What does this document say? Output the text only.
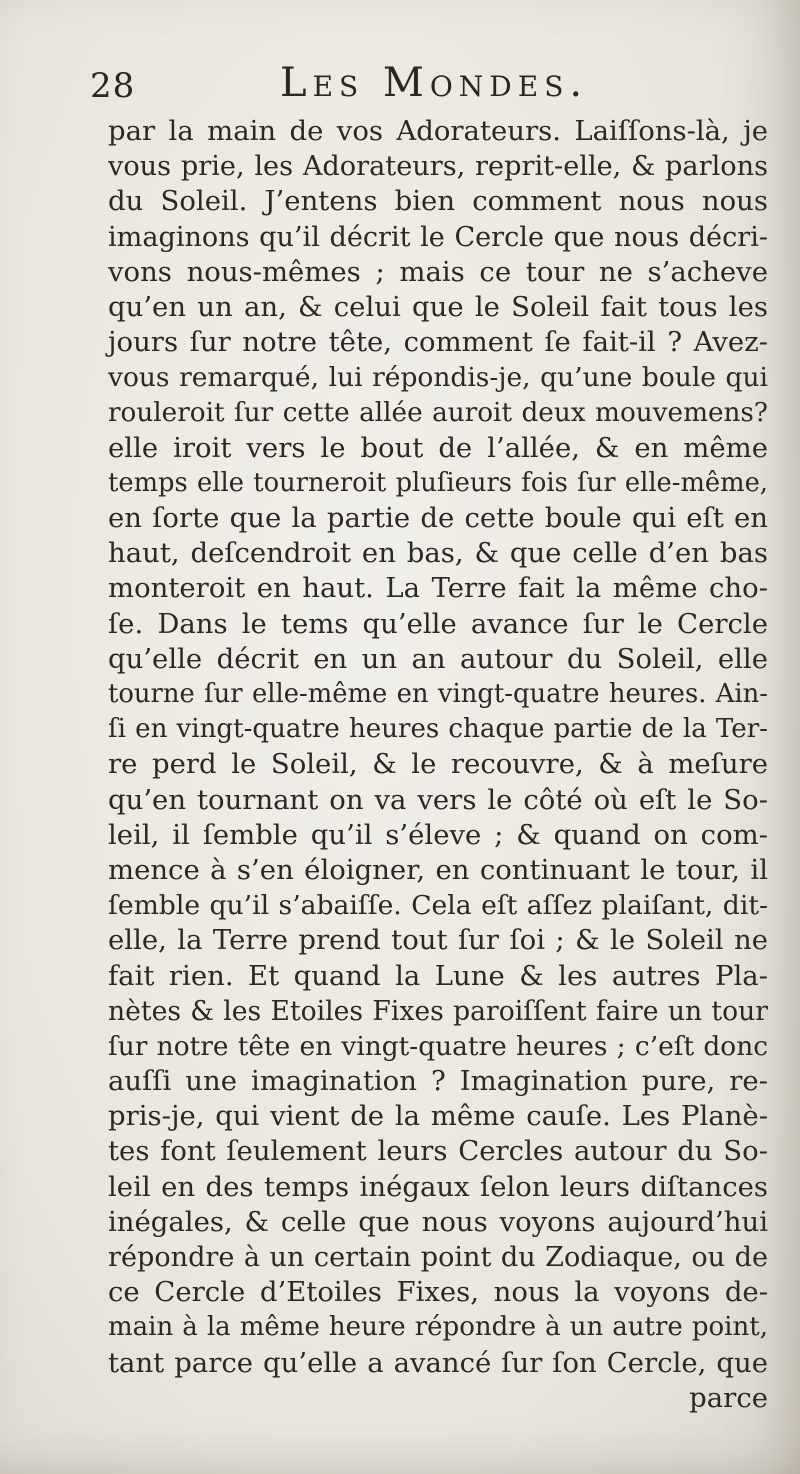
28	Les Mondes.
par la main de vos Adorateurs. Laiſſons-là, je
vous prie, les Adorateurs, reprit-elle, & parlons
du Soleil. J’entens bien comment nous nous
imaginons qu’il décrit le Cercle que nous décri-
vons nous-mêmes ; mais ce tour ne s’acheve
qu’en un an, & celui que le Soleil fait tous les
jours ſur notre tête, comment ſe fait-il ? Avez-
vous remarqué, lui répondis-je, qu’une boule qui
rouleroit ſur cette allée auroit deux mouvemens?
elle iroit vers le bout de l’allée, & en même
temps elle tourneroit pluſieurs fois ſur elle-même,
en ſorte que la partie de cette boule qui eſt en
haut, deſcendroit en bas, & que celle d’en bas
monteroit en haut. La Terre fait la même cho-
ſe. Dans le tems qu’elle avance ſur le Cercle
qu’elle décrit en un an autour du Soleil, elle
tourne ſur elle-même en vingt-quatre heures. Ain-
ſi en vingt-quatre heures chaque partie de la Ter-
re perd le Soleil, & le recouvre, & à meſure
qu’en tournant on va vers le côté où eſt le So-
leil, il ſemble qu’il s’éleve ; & quand on com-
mence à s’en éloigner, en continuant le tour, il
ſemble qu’il s’abaiſſe. Cela eſt aſſez plaiſant, dit-
elle, la Terre prend tout ſur ſoi ; & le Soleil ne
fait rien. Et quand la Lune & les autres Pla-
nètes & les Etoiles Fixes paroiſſent faire un tour
ſur notre tête en vingt-quatre heures ; c’eſt donc
auſſi une imagination ? Imagination pure, re-
pris-je, qui vient de la même cauſe. Les Planè-
tes font ſeulement leurs Cercles autour du So-
leil en des temps inégaux ſelon leurs diſtances
inégales, & celle que nous voyons aujourd’hui
répondre à un certain point du Zodiaque, ou de
ce Cercle d’Etoiles Fixes, nous la voyons de-
main à la même heure répondre à un autre point,
tant parce qu’elle a avancé ſur ſon Cercle, que
parce
